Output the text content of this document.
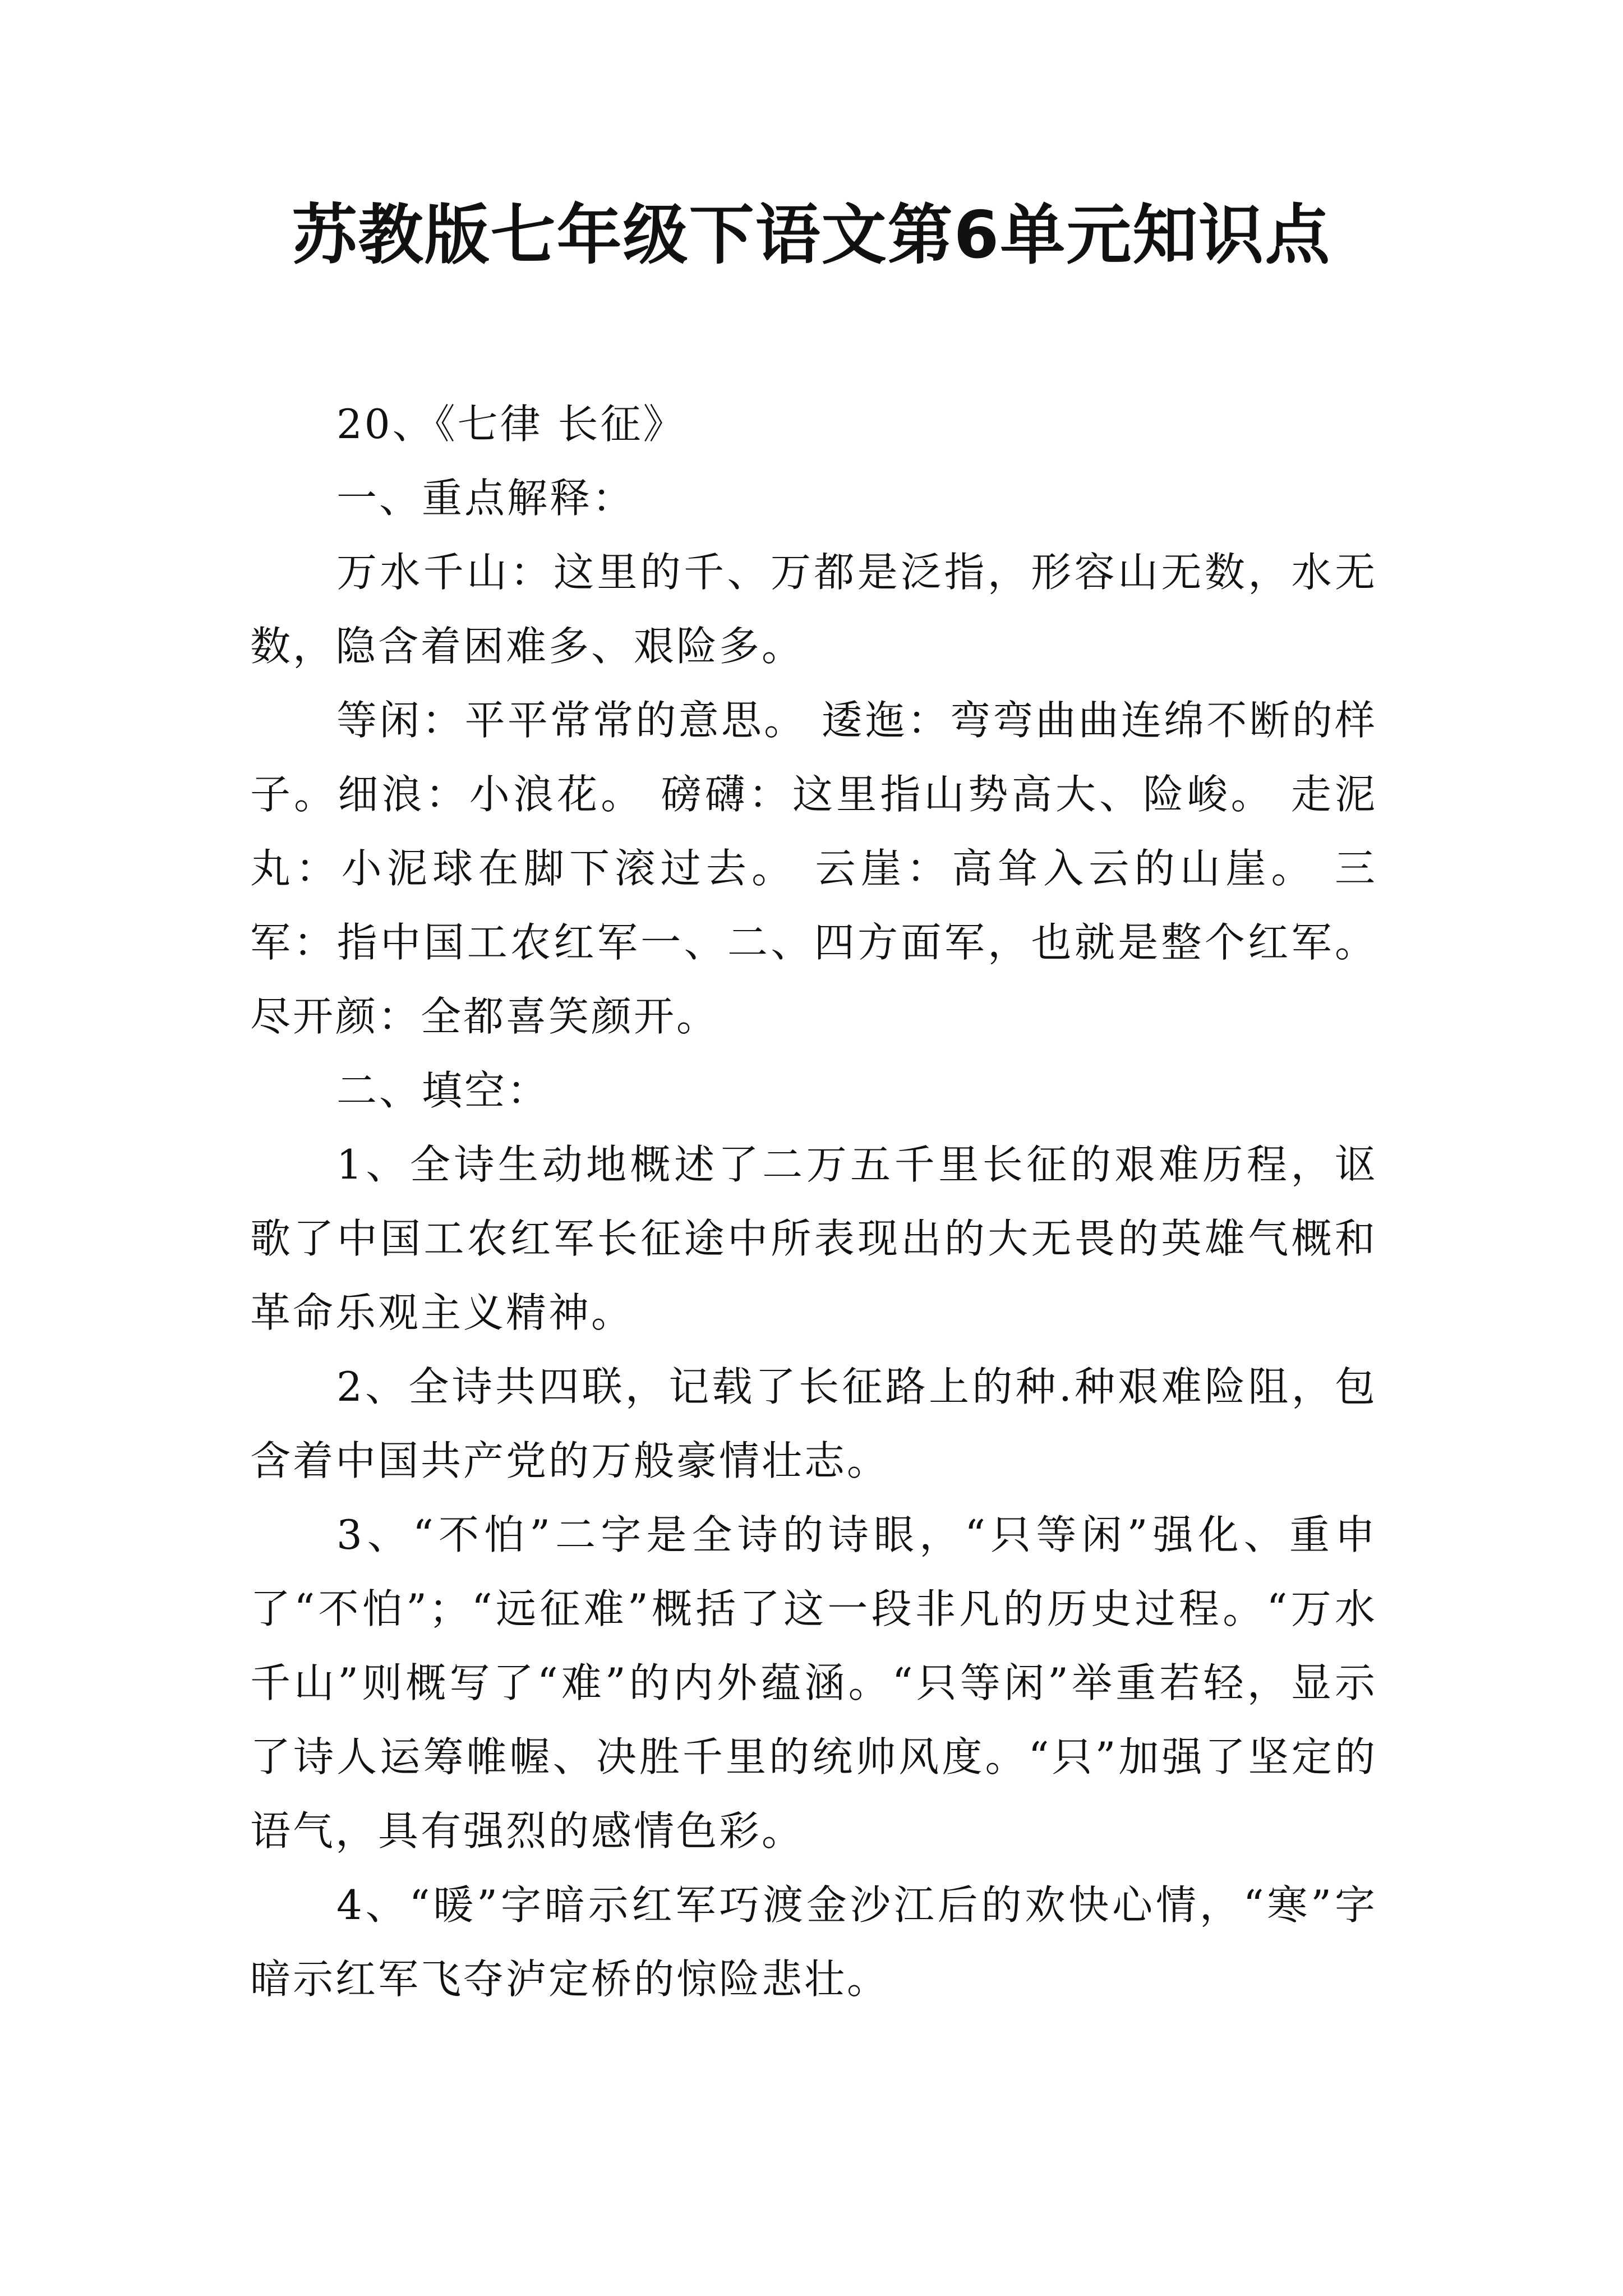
苏教版七年级下语文第6单元知识点

20、《七律 长征》

一、重点解释：

万水千山：这里的千、万都是泛指，形容山无数，水无数，隐含着困难多、艰险多。

等闲：平平常常的意思。 逶迤：弯弯曲曲连绵不断的样子。细浪：小浪花。 磅礴：这里指山势高大、险峻。 走泥丸：小泥球在脚下滚过去。 云崖：高耸入云的山崖。 三军：指中国工农红军一、二、四方面军，也就是整个红军。尽开颜：全都喜笑颜开。

二、填空：

1、全诗生动地概述了二万五千里长征的艰难历程，讴歌了中国工农红军长征途中所表现出的大无畏的英雄气概和革命乐观主义精神。

2、全诗共四联，记载了长征路上的种.种艰难险阻，包含着中国共产党的万般豪情壮志。

3、“不怕”二字是全诗的诗眼，“只等闲”强化、重申了“不怕”；“远征难”概括了这一段非凡的历史过程。“万水千山”则概写了“难”的内外蕴涵。“只等闲”举重若轻，显示了诗人运筹帷幄、决胜千里的统帅风度。“只”加强了坚定的语气，具有强烈的感情色彩。

4、“暖”字暗示红军巧渡金沙江后的欢快心情，“寒”字暗示红军飞夺泸定桥的惊险悲壮。
